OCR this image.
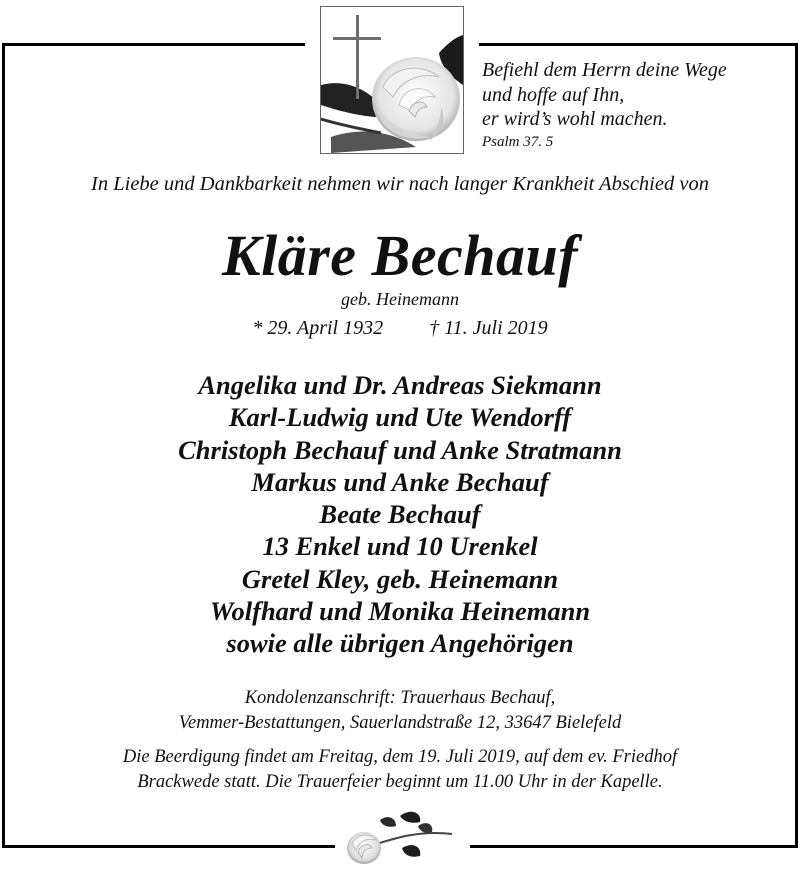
Befiehl dem Herrn deine Wege
und hoffe auf Ihn,
er wird’s wohl machen.
Psalm 37. 5
In Liebe und Dankbarkeit nehmen wir nach langer Krankheit Abschied von
Kläre Bechauf
geb. Heinemann
* 29. April 1932 † 11. Juli 2019
Angelika und Dr. Andreas Siekmann
Karl-Ludwig und Ute Wendorff
Christoph Bechauf und Anke Stratmann
Markus und Anke Bechauf
Beate Bechauf
13 Enkel und 10 Urenkel
Gretel Kley, geb. Heinemann
Wolfhard und Monika Heinemann
sowie alle übrigen Angehörigen
Kondolenzanschrift: Trauerhaus Bechauf,
Vemmer-Bestattungen, Sauerlandstraße 12, 33647 Bielefeld
Die Beerdigung findet am Freitag, dem 19. Juli 2019, auf dem ev. Friedhof
Brackwede statt. Die Trauerfeier beginnt um 11.00 Uhr in der Kapelle.
